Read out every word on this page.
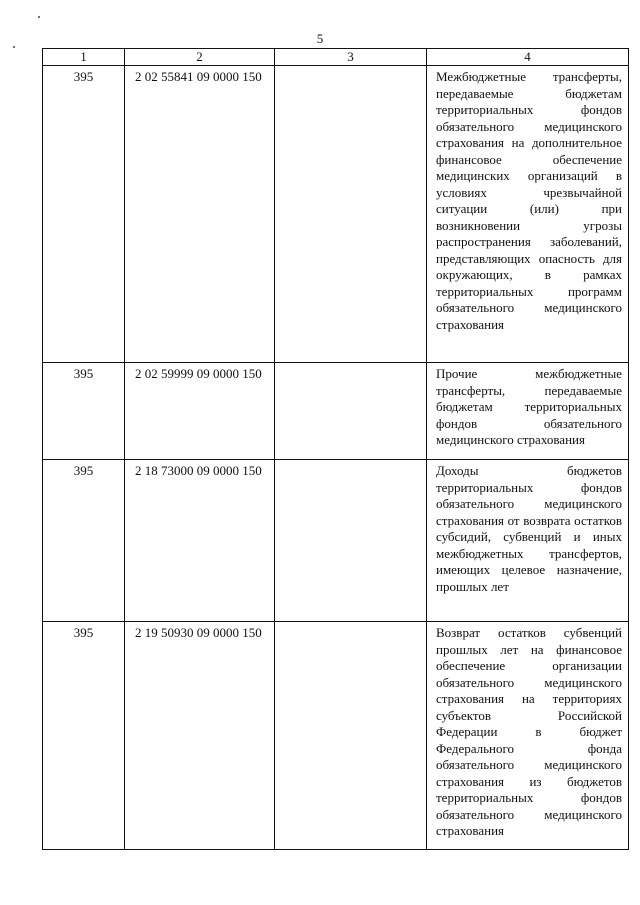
5
1	2	3	4
395	2 02 55841 09 0000 150		Межбюджетные трансферты, передаваемые бюджетам территориальных фондов обязательного медицинского страхования на дополнительное финансовое обеспечение медицинских организаций в условиях чрезвычайной ситуации (или) при возникновении угрозы распространения заболеваний, представляющих опасность для окружающих, в рамках территориальных программ обязательного медицинского страхования

395	2 02 59999 09 0000 150		Прочие межбюджетные трансферты, передаваемые бюджетам территориальных фондов обязательного медицинского страхования

395	2 18 73000 09 0000 150		Доходы бюджетов территориальных фондов обязательного медицинского страхования от возврата остатков субсидий, субвенций и иных межбюджетных трансфертов, имеющих целевое назначение, прошлых лет

395	2 19 50930 09 0000 150		Возврат остатков субвенций прошлых лет на финансовое обеспечение организации обязательного медицинского страхования на территориях субъектов Российской Федерации в бюджет Федерального фонда обязательного медицинского страхования из бюджетов территориальных фондов обязательного медицинского страхования
